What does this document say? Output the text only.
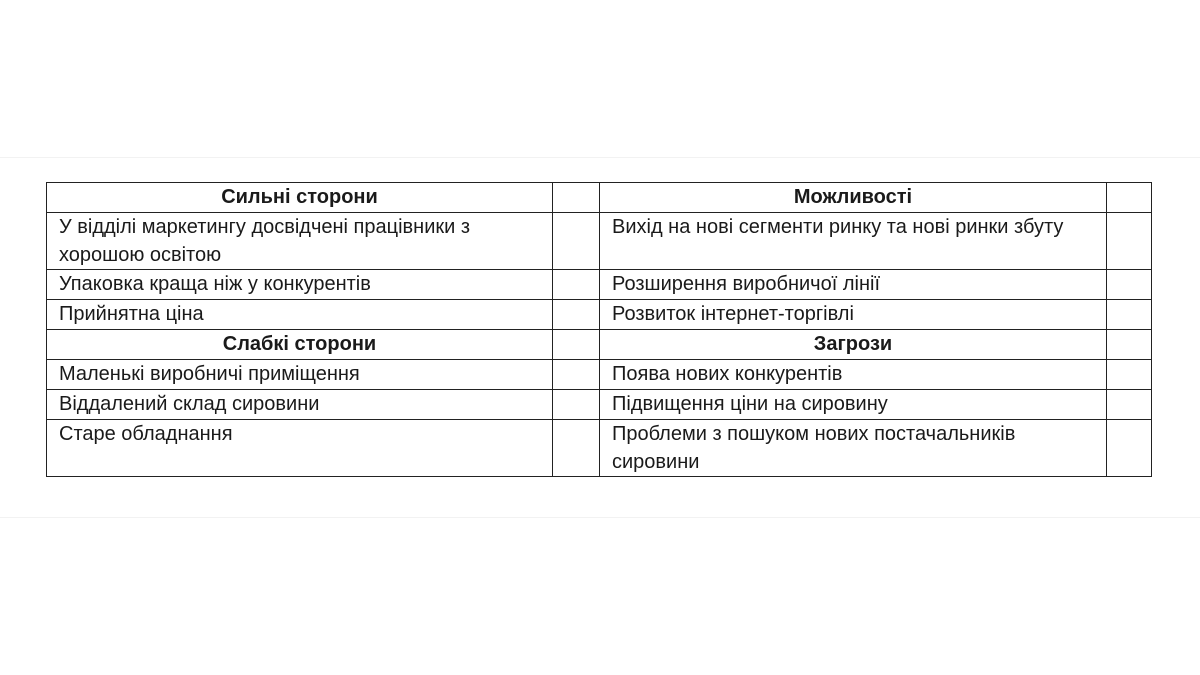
Сильні сторони		Можливості	
У відділі маркетингу досвідчені працівники з хорошою освітою		Вихід на нові сегменти ринку та нові ринки збуту	
Упаковка краща ніж у конкурентів		Розширення виробничої лінії	
Прийнятна ціна		Розвиток інтернет-торгівлі	
Слабкі сторони		Загрози	
Маленькі виробничі приміщення		Поява нових конкурентів	
Віддалений склад сировини		Підвищення ціни на сировину	
Старе обладнання		Проблеми з пошуком нових постачальників сировини	
